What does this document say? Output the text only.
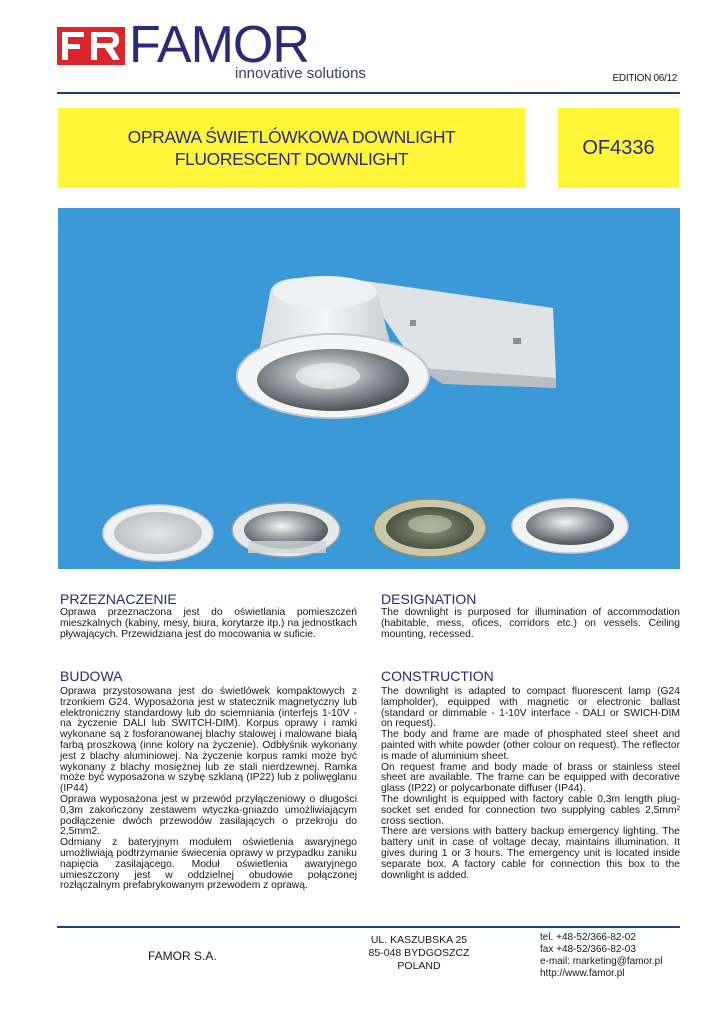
FAMOR
innovative solutions	EDITION 06/12
OPRAWA ŚWIETLÓWKOWA DOWNLIGHT
FLUORESCENT DOWNLIGHT
OF4336
PRZEZNACZENIE

Oprawa przeznaczona jest do oświetlania pomieszczeń mieszkalnych (kabiny, mesy, biura, korytarze itp.) na jednostkach pływających. Przewidziana jest do mocowania w suficie.

DESIGNATION

The downlight is purposed for illumination of accommodation (habitable, mess, ofices, corridors etc.) on vessels. Ceiling mounting, recessed.

BUDOWA

Oprawa przystosowana jest do świetlówek kompaktowych z trzonkiem G24. Wyposażona jest w statecznik magnetyczny lub elektroniczny standardowy lub do sciemniania (interfejs 1-10V - na życzenie DALI lub SWITCH-DIM). Korpus oprawy i ramki wykonane są z fosforanowanej blachy stalowej i malowane białą farbą proszkową (inne kolory na życzenie). Odbłyśnik wykonany jest z blachy aluminiowej. Na życzenie korpus ramki może być wykonany z blachy mosiężnej lub ze stali nierdzewnej. Ramka może być wyposażona w szybę szklaną (IP22) lub z poliwęglanu (IP44)

Oprawa wyposażona jest w przewód przyłączeniowy o długości 0,3m zakończony zestawem wtyczka-gniazdo umożliwiającym podłączenie dwóch przewodów zasilających o przekroju do 2,5mm2.

Odmiany z bateryjnym modułem oświetlenia awaryjnego umożliwiają podtrzymanie świecenia oprawy w przypadku zaniku napięcia zasilającego. Moduł oświetlenia awaryjnego umieszczony jest w oddzielnej obudowie połączonej rozłączalnym prefabrykowanym przewodem z oprawą.

CONSTRUCTION

The downlight is adapted to compact fluorescent lamp (G24 lampholder), equipped with magnetic or electronic ballast (standard or dimmable - 1-10V interface - DALI or SWICH-DIM on request).

The body and frame are made of phosphated steel sheet and painted with white powder (other colour on request). The reflector is made of aluminium sheet.

On request frame and body made of brass or stainless steel sheet are available. The frame can be equipped with decorative glass (IP22) or polycarbonate diffuser (IP44).

The downlight is equipped with factory cable 0,3m length plug-socket set ended for connection two supplying cables 2,5mm² cross section.

There are versions with battery backup emergency lighting. The battery unit in case of voltage decay, maintains illumination. It gives during 1 or 3 hours. The emergency unit is located inside separate box. A factory cable for connection this box to the downlight is added.

FAMOR S.A.
UL. KASZUBSKA 25
85-048 BYDGOSZCZ
POLAND
tel. +48-52/366-82-02
fax +48-52/366-82-03
e-mail: marketing@famor.pl
http://www.famor.pl
